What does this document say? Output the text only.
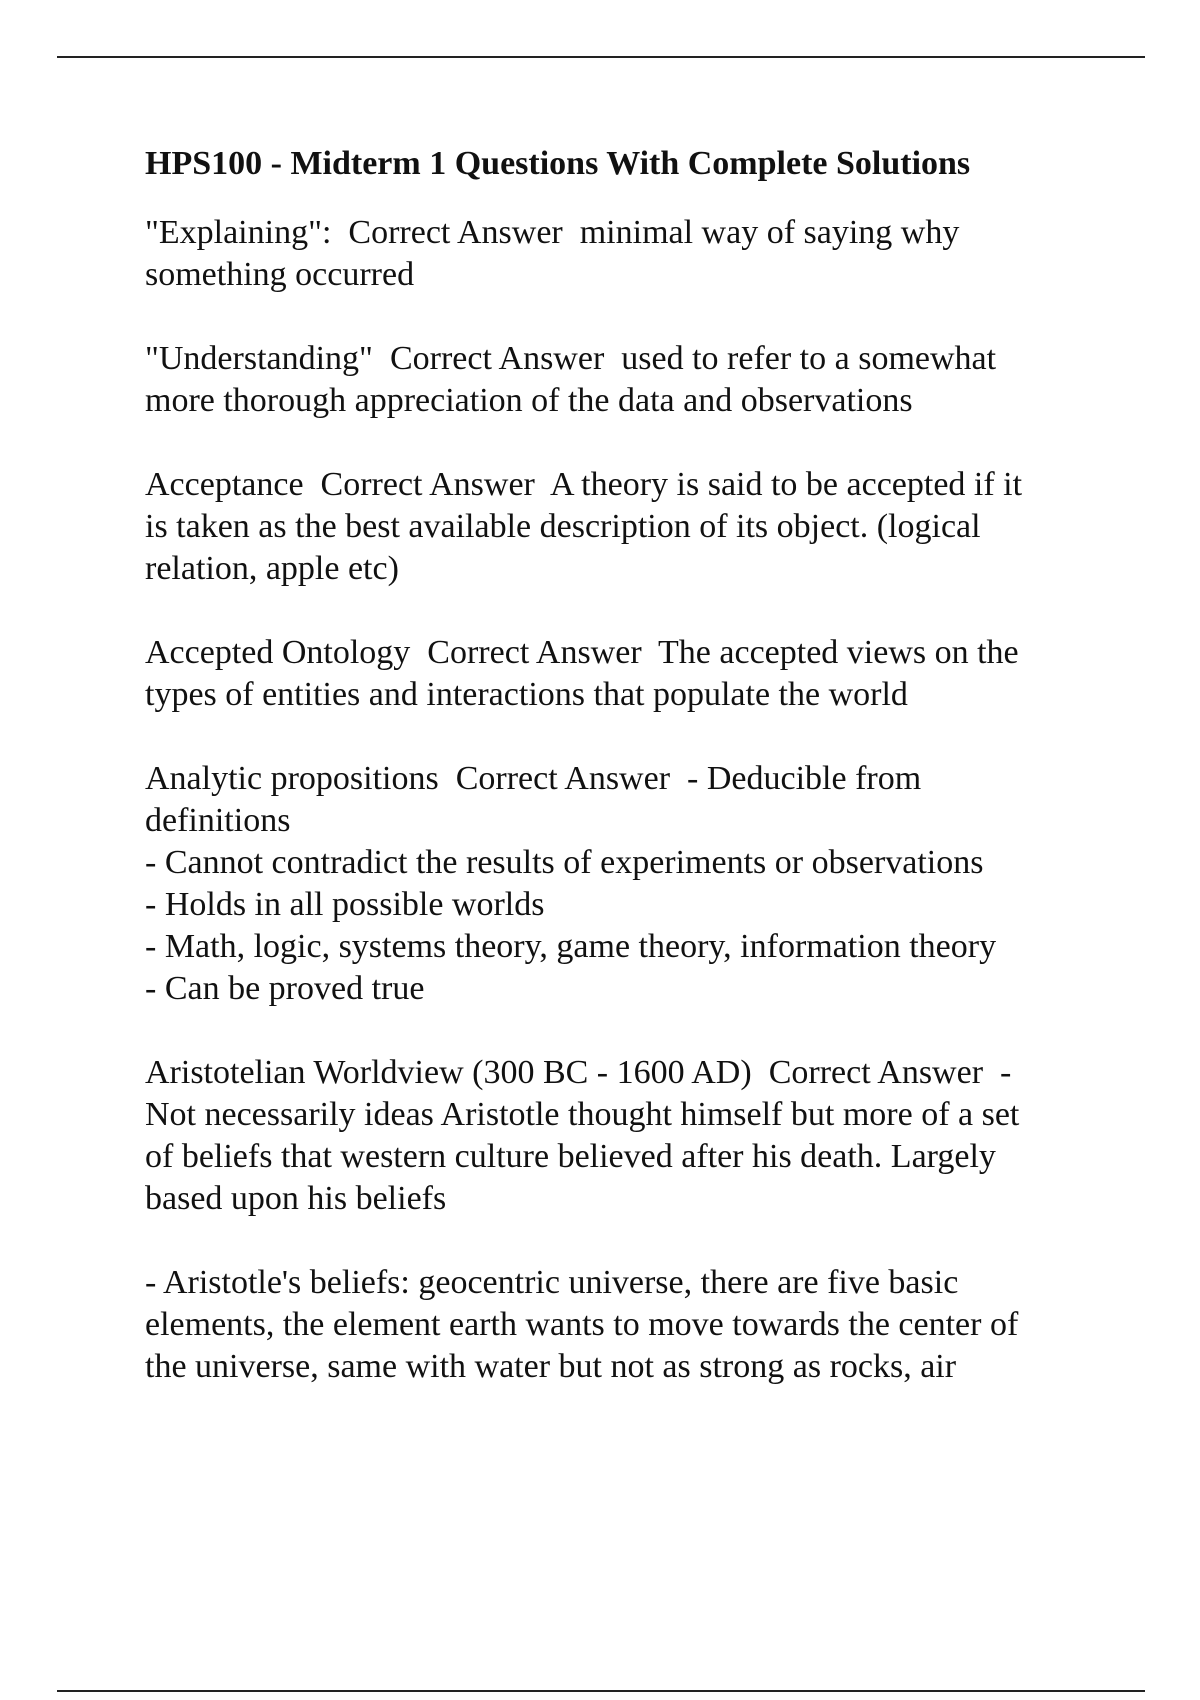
HPS100 - Midterm 1 Questions With Complete Solutions
"Explaining":  Correct Answer  minimal way of saying why
something occurred
"Understanding"  Correct Answer  used to refer to a somewhat
more thorough appreciation of the data and observations
Acceptance  Correct Answer  A theory is said to be accepted if it
is taken as the best available description of its object. (logical
relation, apple etc)
Accepted Ontology  Correct Answer  The accepted views on the
types of entities and interactions that populate the world
Analytic propositions  Correct Answer  - Deducible from
definitions
- Cannot contradict the results of experiments or observations
- Holds in all possible worlds
- Math, logic, systems theory, game theory, information theory
- Can be proved true
Aristotelian Worldview (300 BC - 1600 AD)  Correct Answer  -
Not necessarily ideas Aristotle thought himself but more of a set
of beliefs that western culture believed after his death. Largely
based upon his beliefs
- Aristotle's beliefs: geocentric universe, there are five basic
elements, the element earth wants to move towards the center of
the universe, same with water but not as strong as rocks, air
